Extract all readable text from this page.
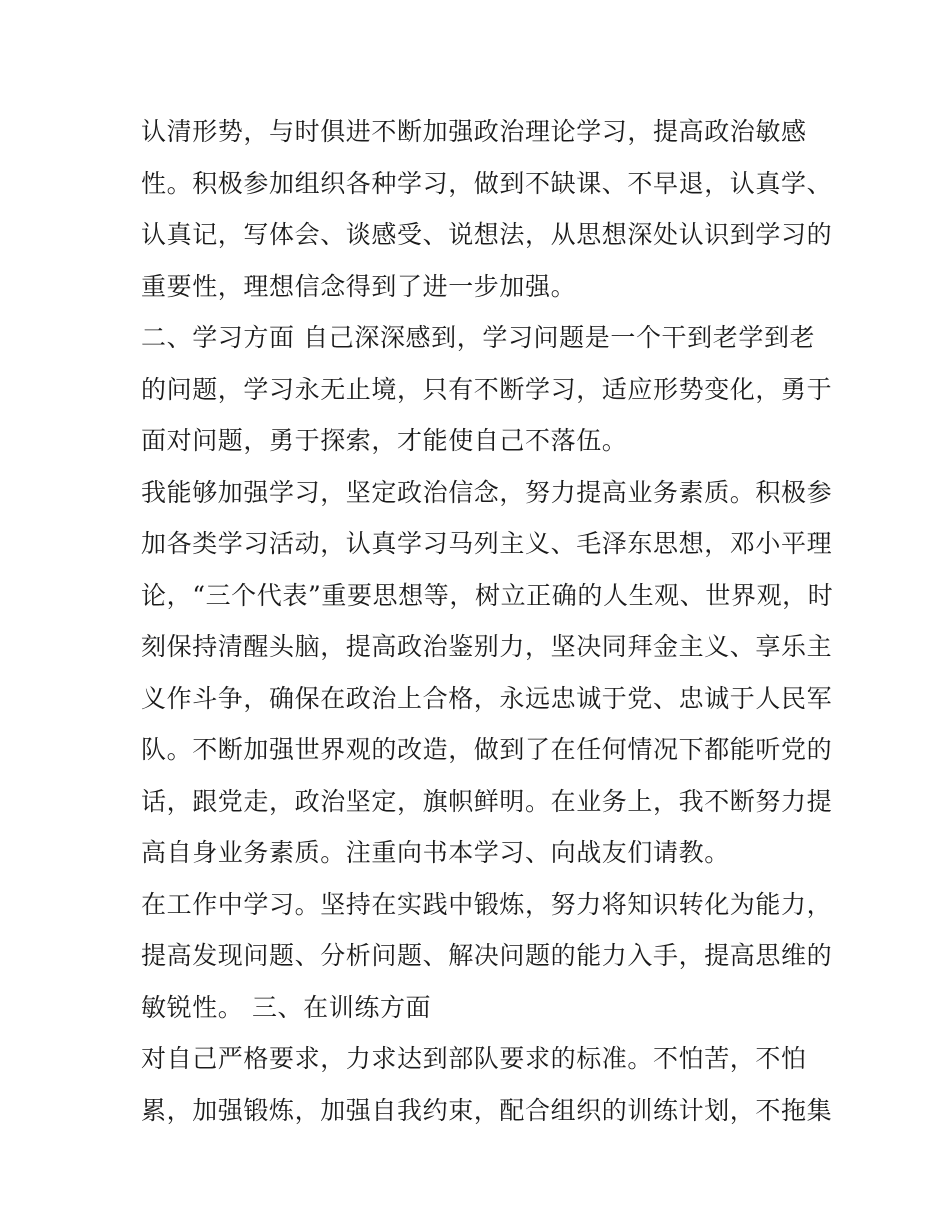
认清形势，与时俱进不断加强政治理论学习，提高政治敏感
性。积极参加组织各种学习，做到不缺课、不早退，认真学、
认真记，写体会、谈感受、说想法，从思想深处认识到学习的
重要性，理想信念得到了进一步加强。
二、学习方面 自己深深感到，学习问题是一个干到老学到老
的问题，学习永无止境，只有不断学习，适应形势变化，勇于
面对问题，勇于探索，才能使自己不落伍。
我能够加强学习，坚定政治信念，努力提高业务素质。积极参
加各类学习活动，认真学习马列主义、毛泽东思想，邓小平理
论，“三个代表”重要思想等，树立正确的人生观、世界观，时
刻保持清醒头脑，提高政治鉴别力，坚决同拜金主义、享乐主
义作斗争，确保在政治上合格，永远忠诚于党、忠诚于人民军
队。不断加强世界观的改造，做到了在任何情况下都能听党的
话，跟党走，政治坚定，旗帜鲜明。在业务上，我不断努力提
高自身业务素质。注重向书本学习、向战友们请教。
在工作中学习。坚持在实践中锻炼，努力将知识转化为能力，
提高发现问题、分析问题、解决问题的能力入手，提高思维的
敏锐性。 三、在训练方面
对自己严格要求，力求达到部队要求的标准。不怕苦，不怕
累，加强锻炼，加强自我约束，配合组织的训练计划，不拖集
